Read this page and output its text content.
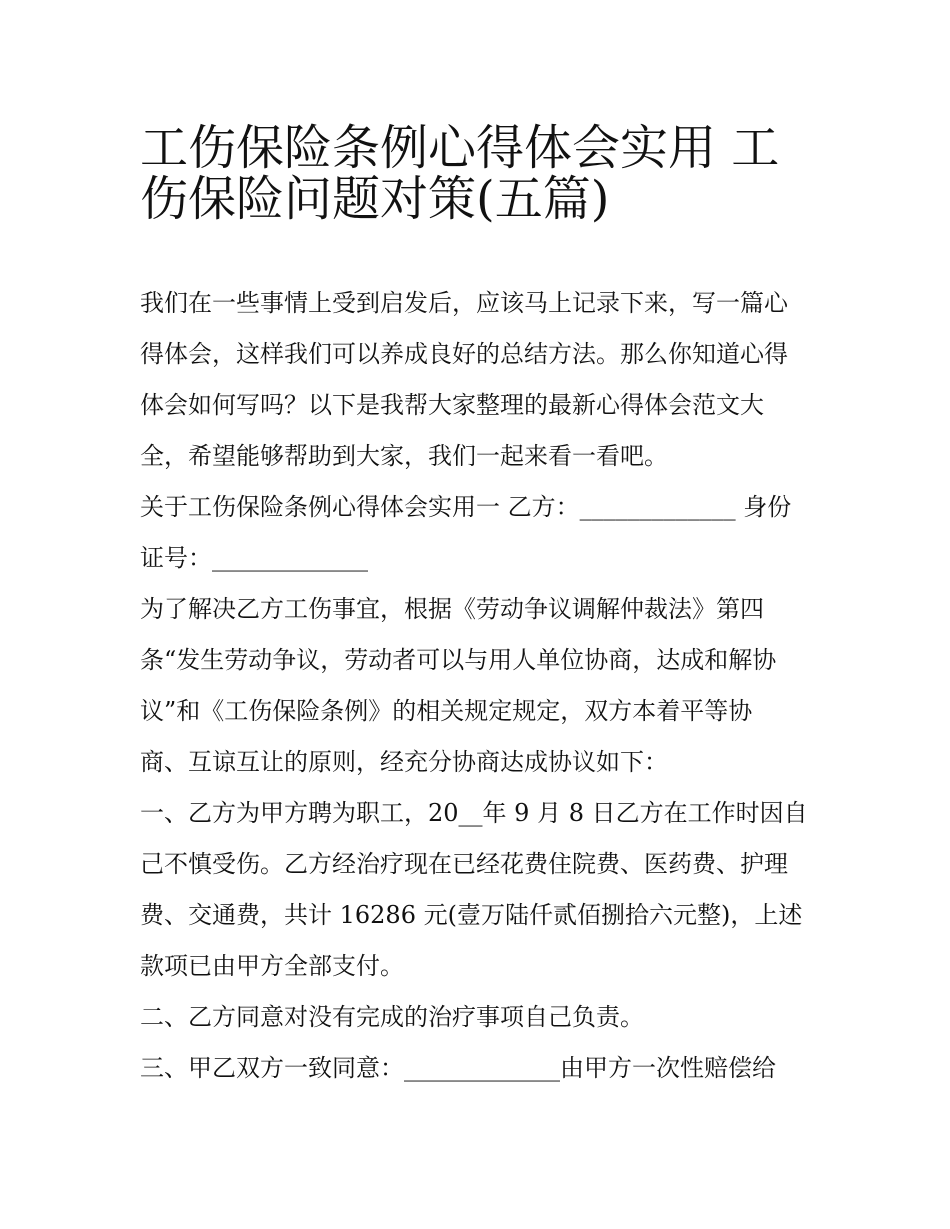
工伤保险条例心得体会实用 工
伤保险问题对策(五篇)
我们在一些事情上受到启发后，应该马上记录下来，写一篇心
得体会，这样我们可以养成良好的总结方法。那么你知道心得
体会如何写吗？以下是我帮大家整理的最新心得体会范文大
全，希望能够帮助到大家，我们一起来看一看吧。
关于工伤保险条例心得体会实用一 乙方：_____________ 身份
证号：_____________
为了解决乙方工伤事宜，根据《劳动争议调解仲裁法》第四
条“发生劳动争议，劳动者可以与用人单位协商，达成和解协
议”和《工伤保险条例》的相关规定规定，双方本着平等协
商、互谅互让的原则，经充分协商达成协议如下：
一、乙方为甲方聘为职工，20__年 9 月 8 日乙方在工作时因自
己不慎受伤。乙方经治疗现在已经花费住院费、医药费、护理
费、交通费，共计 16286 元(壹万陆仟贰佰捌拾六元整)，上述
款项已由甲方全部支付。
二、乙方同意对没有完成的治疗事项自己负责。
三、甲乙双方一致同意：_____________由甲方一次性赔偿给
